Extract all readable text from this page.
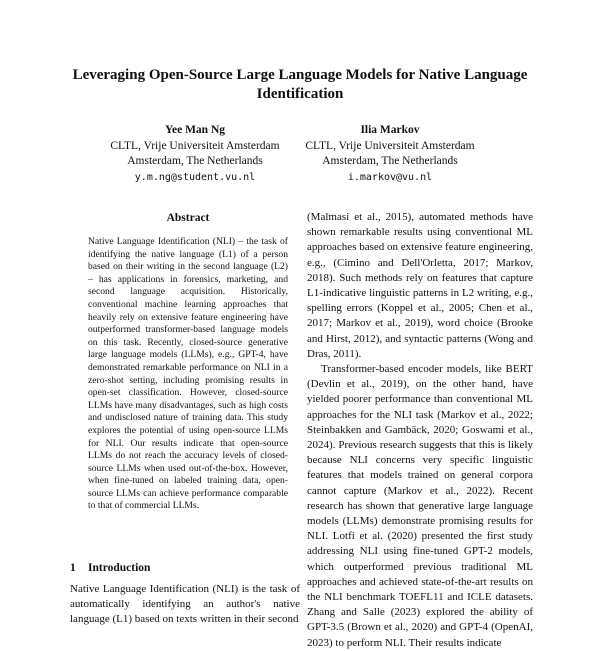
Leveraging Open-Source Large Language Models for Native Language Identification
Yee Man Ng
CLTL, Vrije Universiteit Amsterdam
Amsterdam, The Netherlands
y.m.ng@student.vu.nl
Ilia Markov
CLTL, Vrije Universiteit Amsterdam
Amsterdam, The Netherlands
i.markov@vu.nl
Abstract
Native Language Identification (NLI) – the task of identifying the native language (L1) of a person based on their writing in the second language (L2) – has applications in forensics, marketing, and second language acquisition. Historically, conventional machine learning approaches that heavily rely on extensive feature engineering have outperformed transformer-based language models on this task. Recently, closed-source generative large language models (LLMs), e.g., GPT-4, have demonstrated remarkable performance on NLI in a zero-shot setting, including promising results in open-set classification. However, closed-source LLMs have many disadvantages, such as high costs and undisclosed nature of training data. This study explores the potential of using open-source LLMs for NLI. Our results indicate that open-source LLMs do not reach the accuracy levels of closed-source LLMs when used out-of-the-box. However, when fine-tuned on labeled training data, open-source LLMs can achieve performance comparable to that of commercial LLMs.
1 Introduction
Native Language Identification (NLI) is the task of automatically identifying an author's native language (L1) based on texts written in their second

(Malmasi et al., 2015), automated methods have shown remarkable results using conventional ML approaches based on extensive feature engineering, e.g., (Cimino and Dell'Orletta, 2017; Markov, 2018). Such methods rely on features that capture L1-indicative linguistic patterns in L2 writing, e.g., spelling errors (Koppel et al., 2005; Chen et al., 2017; Markov et al., 2019), word choice (Brooke and Hirst, 2012), and syntactic patterns (Wong and Dras, 2011).

Transformer-based encoder models, like BERT (Devlin et al., 2019), on the other hand, have yielded poorer performance than conventional ML approaches for the NLI task (Markov et al., 2022; Steinbakken and Gambäck, 2020; Goswami et al., 2024). Previous research suggests that this is likely because NLI concerns very specific linguistic features that models trained on general corpora cannot capture (Markov et al., 2022). Recent research has shown that generative large language models (LLMs) demonstrate promising results for NLI. Lotfi et al. (2020) presented the first study addressing NLI using fine-tuned GPT-2 models, which outperformed previous traditional ML approaches and achieved state-of-the-art results on the NLI benchmark TOEFL11 and ICLE datasets. Zhang and Salle (2023) explored the ability of GPT-3.5 (Brown et al., 2020) and GPT-4 (OpenAI, 2023) to perform NLI. Their results indicate
